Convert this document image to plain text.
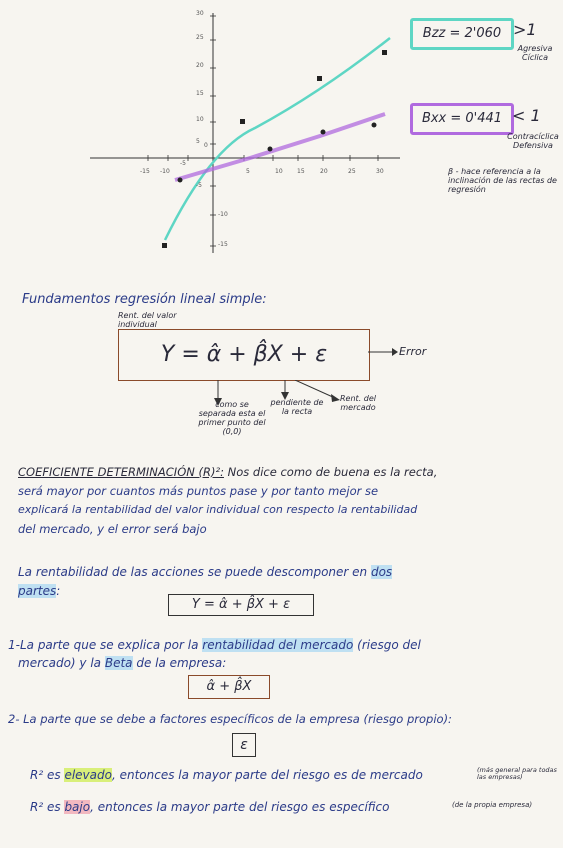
30
25
20
15
10
5
-5
-10
-15
-15 -10
-5
5	10 15	20	25	30
0
Bzz = 2'060 >1
Agresiva Cíclica
Bxx = 0'441 < 1
Contracíclica Defensiva
β - hace referencia a la inclinación de las rectas de regresión
Fundamentos regresión lineal simple:
Rent. del valor individual
Y = α̂ + β̂X + ε	Error
como se separada esta el primer punto del (0,0)
pendiente de la recta
Rent. del mercado
COEFICIENTE DETERMINACIÓN (R)²: Nos dice como de buena es la recta,
será mayor por cuantos más puntos pase y por tanto mejor se
explicará la rentabilidad del valor individual con respecto la rentabilidad
del mercado, y el error será bajo
La rentabilidad de las acciones se puede descomponer en dos
partes:
Y = α̂ + β̂X + ε
1-La parte que se explica por la rentabilidad del mercado (riesgo del
mercado) y la Beta de la empresa:
α̂ + β̂X
2- La parte que se debe a factores específicos de la empresa (riesgo propio):
ε
R² es elevado, entonces la mayor parte del riesgo es de mercado	(más general para todas las empresas)
R² es bajo, entonces la mayor parte del riesgo es específico	(de la propia empresa)
